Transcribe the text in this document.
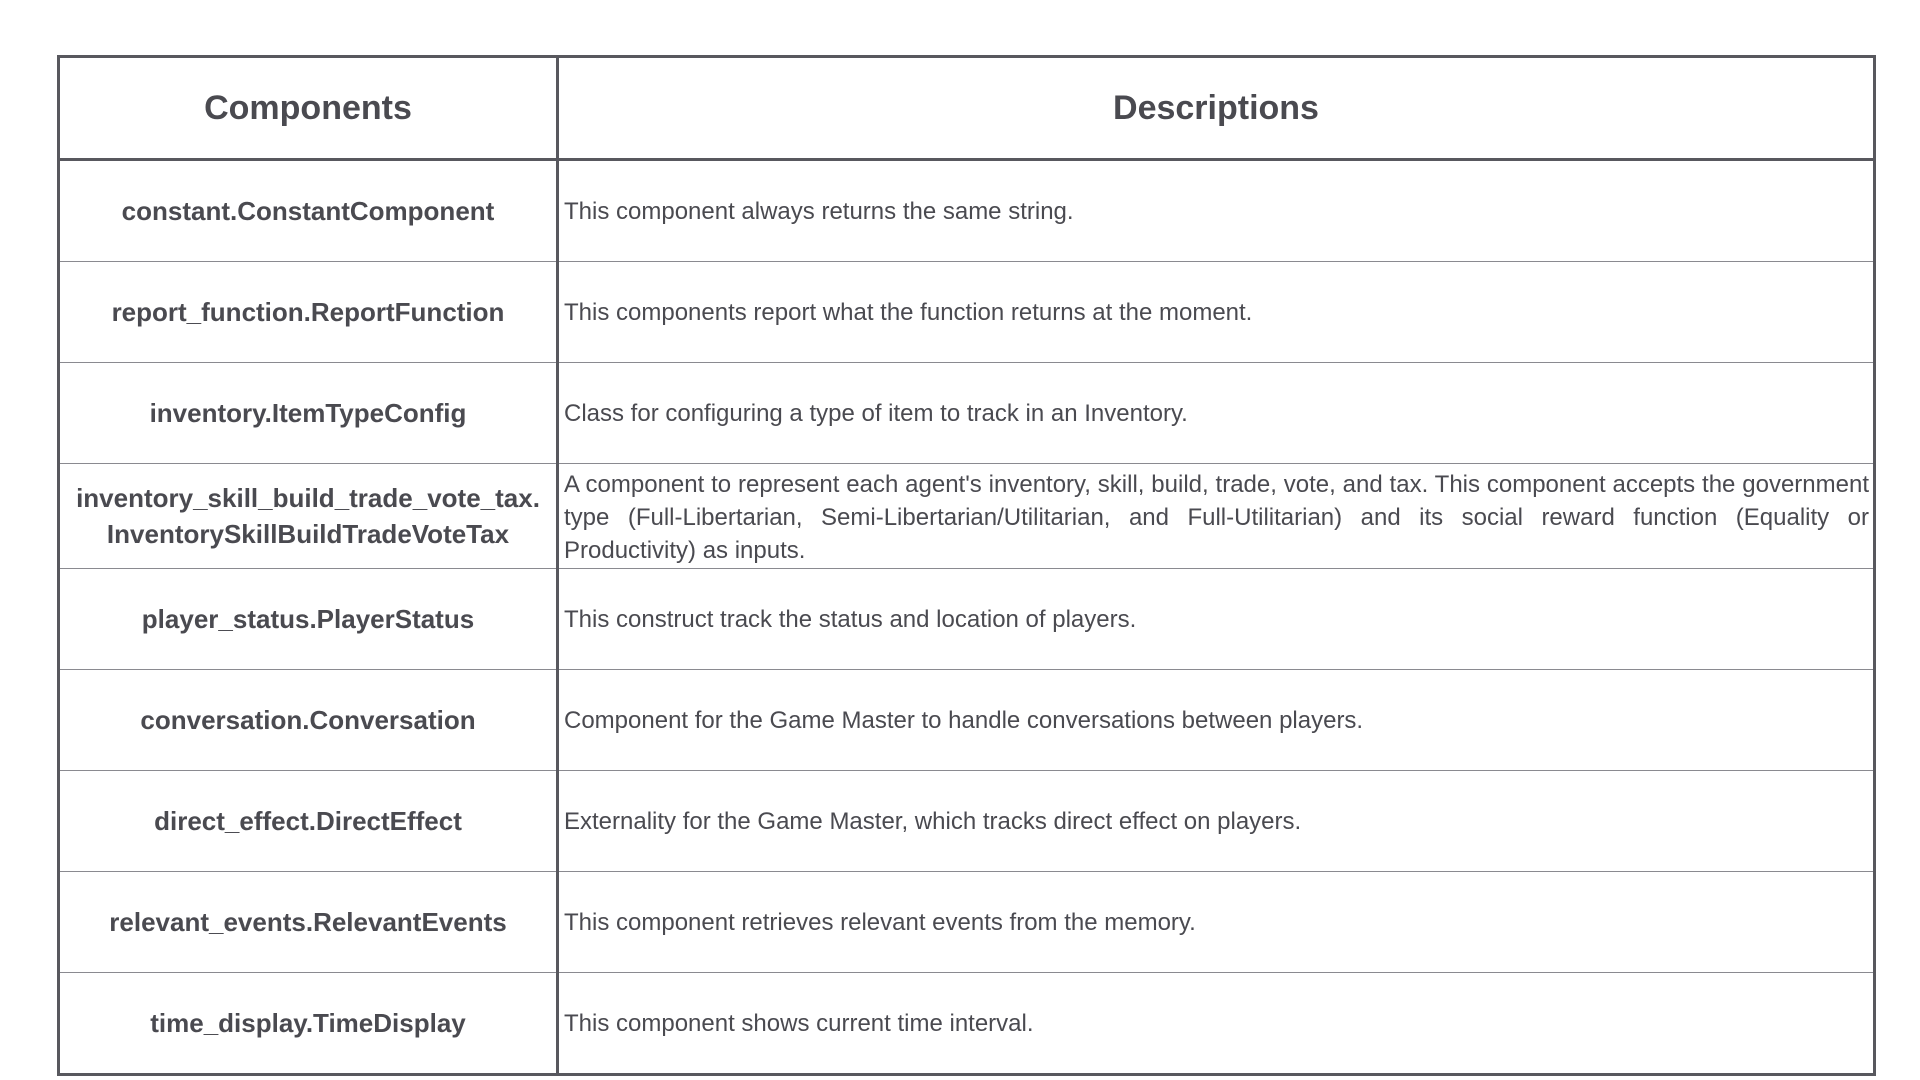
Components	Descriptions
constant.ConstantComponent	This component always returns the same string.
report_function.ReportFunction	This components report what the function returns at the moment.
inventory.ItemTypeConfig	Class for configuring a type of item to track in an Inventory.

inventory_skill_build_trade_vote_tax.
InventorySkillBuildTradeVoteTax	A component to represent each agent's inventory, skill, build, trade, vote, and tax. This component accepts the government type (Full-Libertarian, Semi-Libertarian/Utilitarian, and Full-Utilitarian) and its social reward function (Equality or Productivity) as inputs.
player_status.PlayerStatus	This construct track the status and location of players.
conversation.Conversation	Component for the Game Master to handle conversations between players.
direct_effect.DirectEffect	Externality for the Game Master, which tracks direct effect on players.
relevant_events.RelevantEvents	This component retrieves relevant events from the memory.
time_display.TimeDisplay	This component shows current time interval.
